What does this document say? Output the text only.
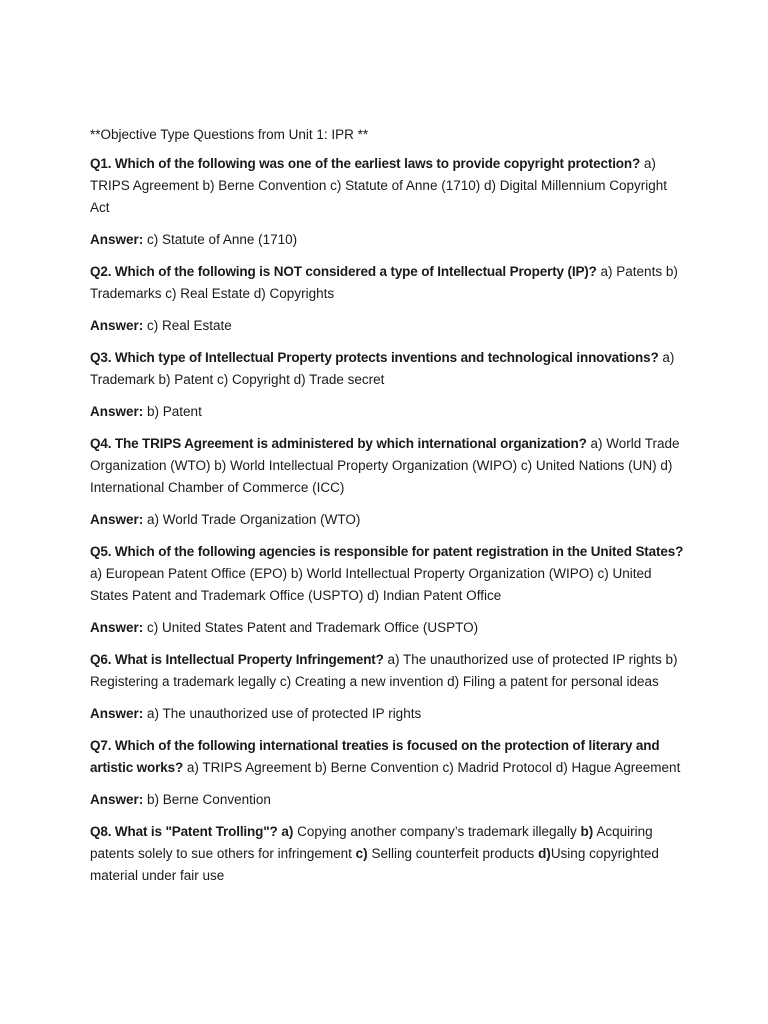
**Objective Type Questions from Unit 1: IPR **

Q1. Which of the following was one of the earliest laws to provide copyright protection? a) TRIPS Agreement b) Berne Convention c) Statute of Anne (1710) d) Digital Millennium Copyright Act

Answer: c) Statute of Anne (1710)

Q2. Which of the following is NOT considered a type of Intellectual Property (IP)? a) Patents b) Trademarks c) Real Estate d) Copyrights

Answer: c) Real Estate

Q3. Which type of Intellectual Property protects inventions and technological innovations? a) Trademark b) Patent c) Copyright d) Trade secret

Answer: b) Patent

Q4. The TRIPS Agreement is administered by which international organization? a) World Trade Organization (WTO) b) World Intellectual Property Organization (WIPO) c) United Nations (UN) d) International Chamber of Commerce (ICC)

Answer: a) World Trade Organization (WTO)

Q5. Which of the following agencies is responsible for patent registration in the United States? a) European Patent Office (EPO) b) World Intellectual Property Organization (WIPO) c) United States Patent and Trademark Office (USPTO) d) Indian Patent Office

Answer: c) United States Patent and Trademark Office (USPTO)

Q6. What is Intellectual Property Infringement? a) The unauthorized use of protected IP rights b) Registering a trademark legally c) Creating a new invention d) Filing a patent for personal ideas

Answer: a) The unauthorized use of protected IP rights

Q7. Which of the following international treaties is focused on the protection of literary and artistic works? a) TRIPS Agreement b) Berne Convention c) Madrid Protocol d) Hague Agreement

Answer: b) Berne Convention

Q8. What is "Patent Trolling"? a) Copying another company’s trademark illegally b) Acquiring patents solely to sue others for infringement c) Selling counterfeit products d)Using copyrighted material under fair use
